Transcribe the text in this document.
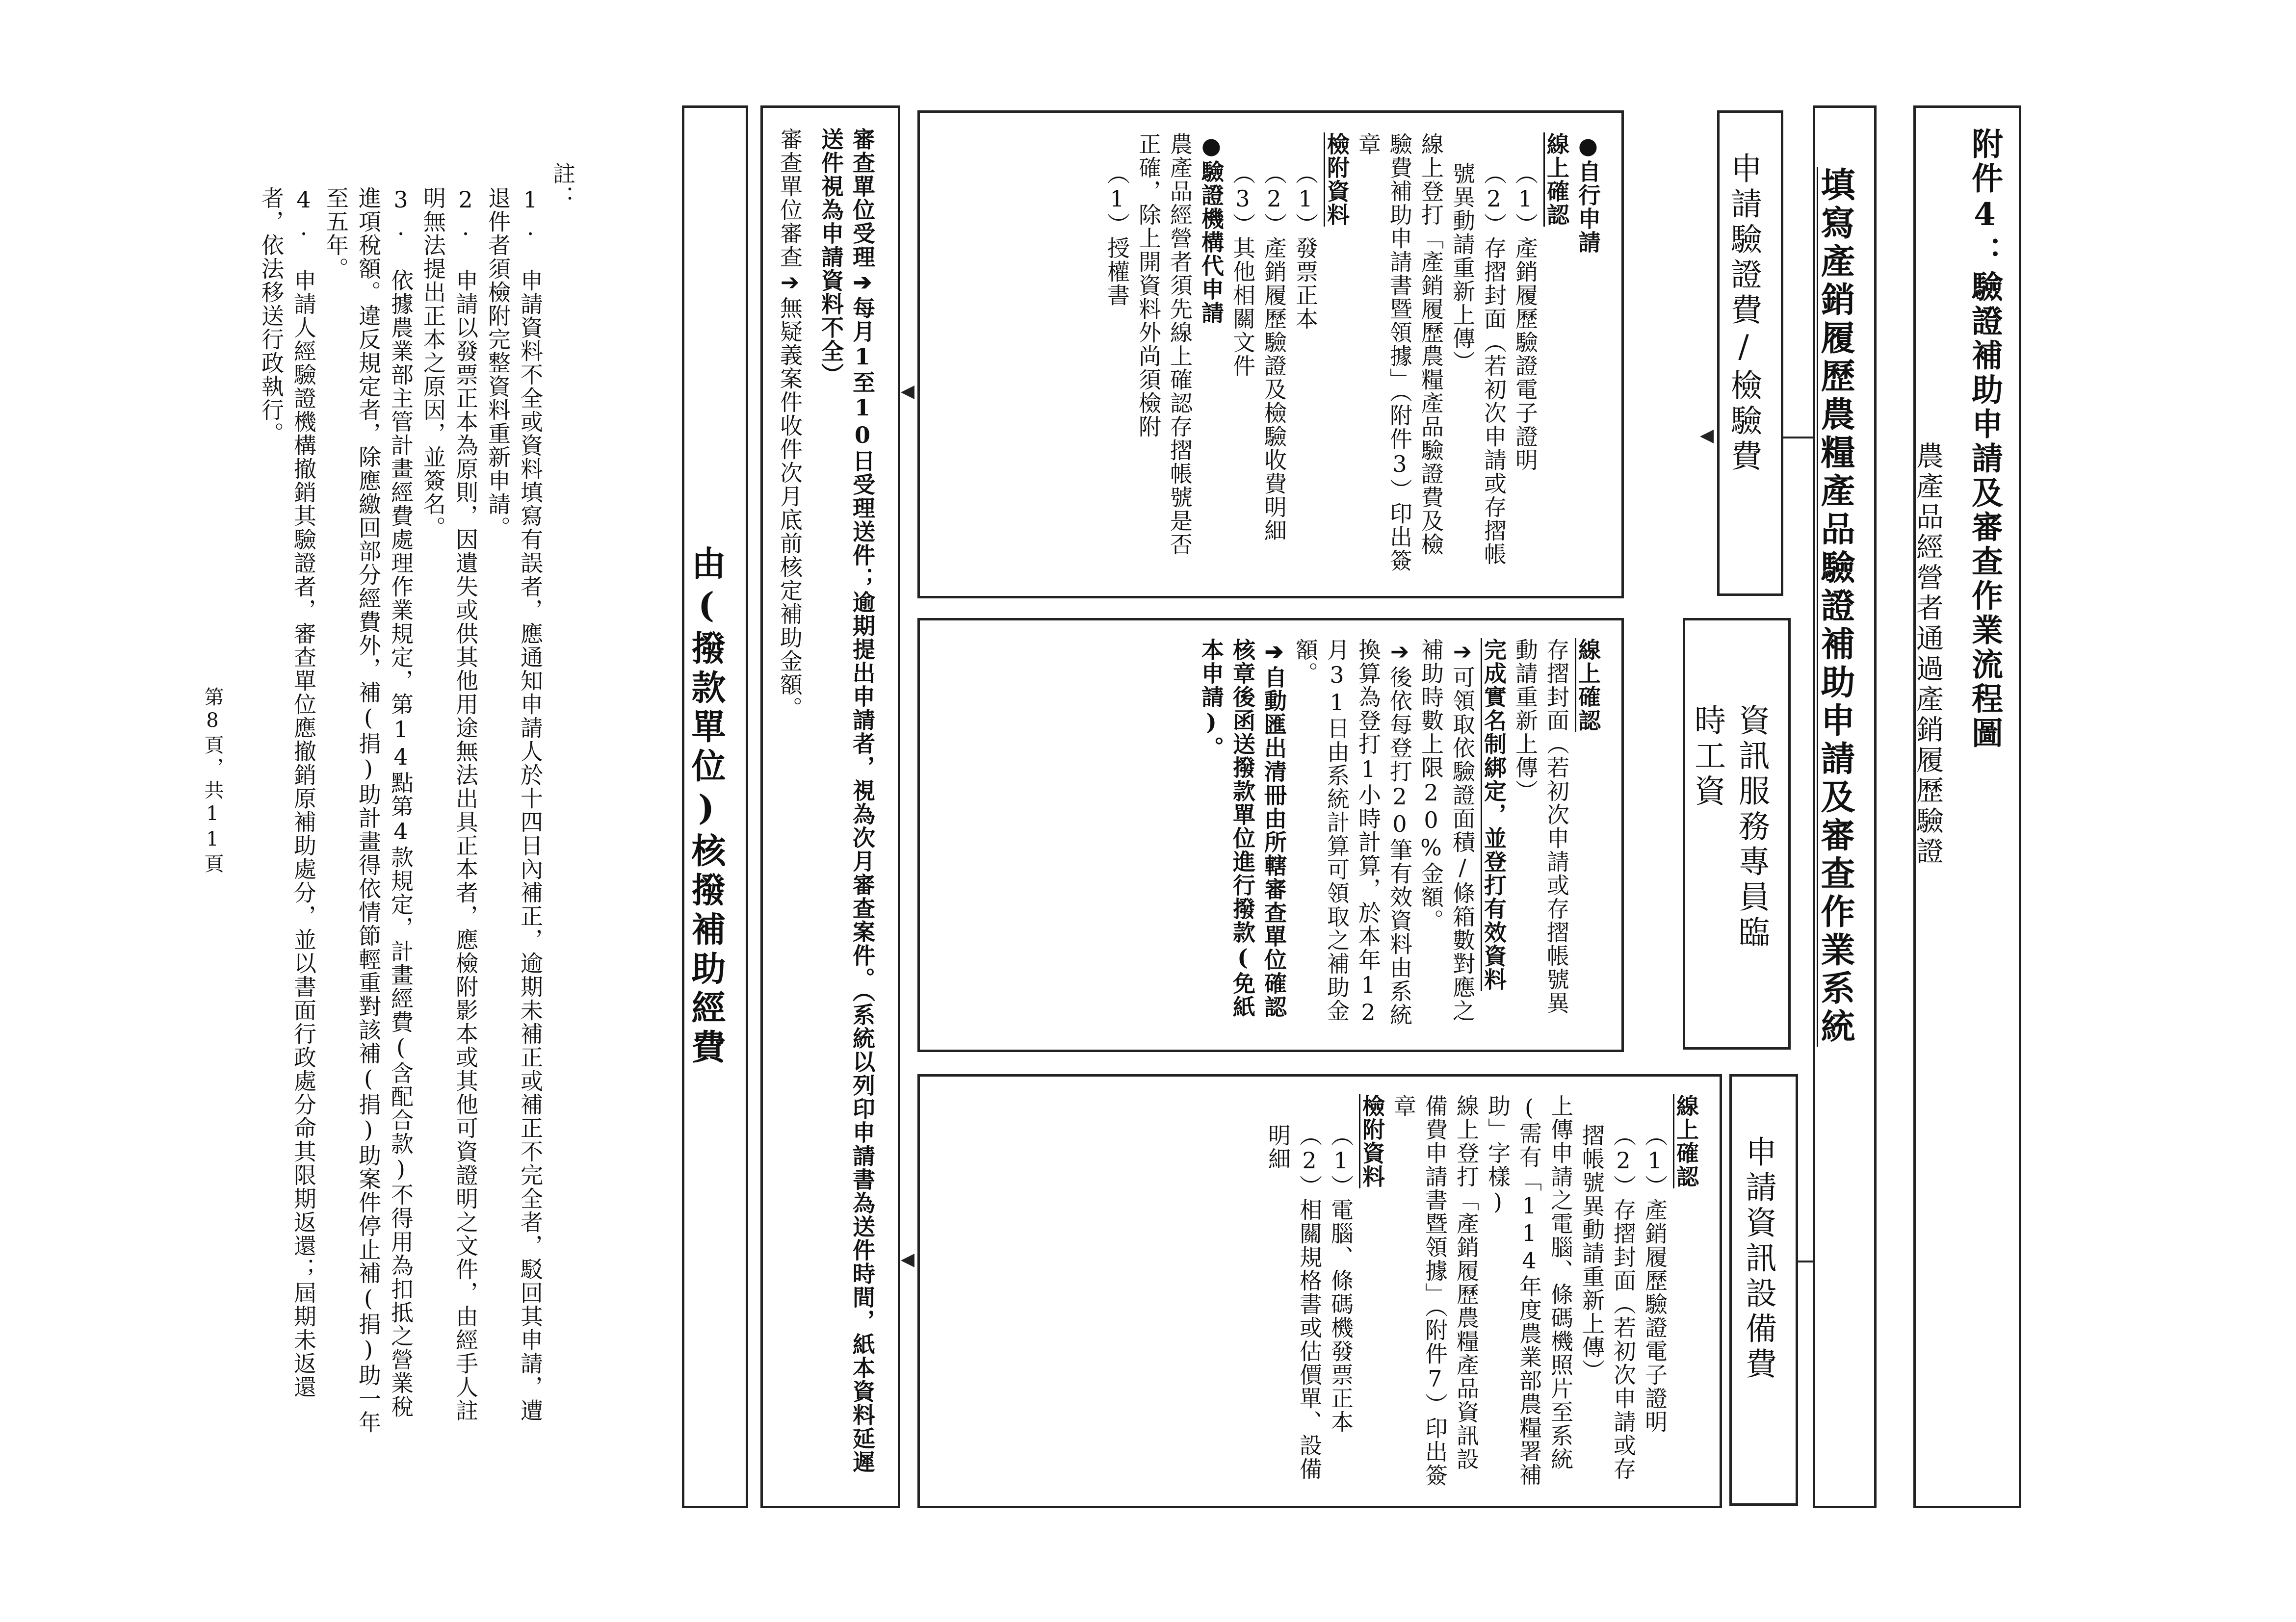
附件4：驗證補助申請及審查作業流程圖
農產品經營者通過產銷履歷驗證
填寫產銷履歷農糧產品驗證補助申請及審查作業系統
申請驗證費/檢驗費
資訊服務專員臨時工資
申請資訊設備費
●自行申請
線上確認
（1）產銷履歷驗證電子證明
（2）存摺封面（若初次申請或存摺帳號異動請重新上傳）
線上登打「產銷履歷農糧產品驗證費及檢驗費補助申請書暨領據」（附件3）印出簽章
檢附資料
（1）發票正本
（2）產銷履歷驗證及檢驗收費明細
（3）其他相關文件
●驗證機構代申請
農產品經營者須先線上確認存摺帳號是否正確，除上開資料外尚須檢附
（1）授權書
線上確認
存摺封面（若初次申請或存摺帳號異動請重新上傳）
完成實名制綁定，並登打有效資料
➔可領取依驗證面積/條箱數對應之補助時數上限20%金額。
➔後依每登打20筆有效資料由系統換算為登打1小時計算，於本年12月31日由系統計算可領取之補助金額。
➔自動匯出清冊由所轄審查單位確認核章後函送撥款單位進行撥款(免紙本申請)。
線上確認
（1）產銷履歷驗證電子證明
（2）存摺封面（若初次申請或存摺帳號異動請重新上傳）
上傳申請之電腦、條碼機照片至系統(需有「114年度農業部農糧署補助」字樣)
線上登打「產銷履歷農糧產品資訊設備費申請書暨領據」（附件7）印出簽章
檢附資料
（1）電腦、條碼機發票正本
（2）相關規格書或估價單、設備明細
審查單位受理➔每月1至10日受理送件；逾期提出申請者，視為次月審查案件。（系統以列印申請書為送件時間，紙本資料延遲送件視為申請資料不全）
審查單位審查➔無疑義案件收件次月底前核定補助金額。
由(撥款單位)核撥補助經費
註：
1. 申請資料不全或資料填寫有誤者，應通知申請人於十四日內補正，逾期未補正或補正不完全者，駁回其申請，遭退件者須檢附完整資料重新申請。
2. 申請以發票正本為原則，因遺失或供其他用途無法出具正本者，應檢附影本或其他可資證明之文件，由經手人註明無法提出正本之原因，並簽名。
3. 依據農業部主管計畫經費處理作業規定，第14點第4款規定，計畫經費(含配合款)不得用為扣抵之營業稅進項稅額。違反規定者，除應繳回部分經費外，補(捐)助計畫得依情節輕重對該補(捐)助案件停止補(捐)助一年至五年。
4. 申請人經驗證機構撤銷其驗證者，審查單位應撤銷原補助處分，並以書面行政處分命其限期返還；屆期未返還者，依法移送行政執行。
第8頁，共11頁
